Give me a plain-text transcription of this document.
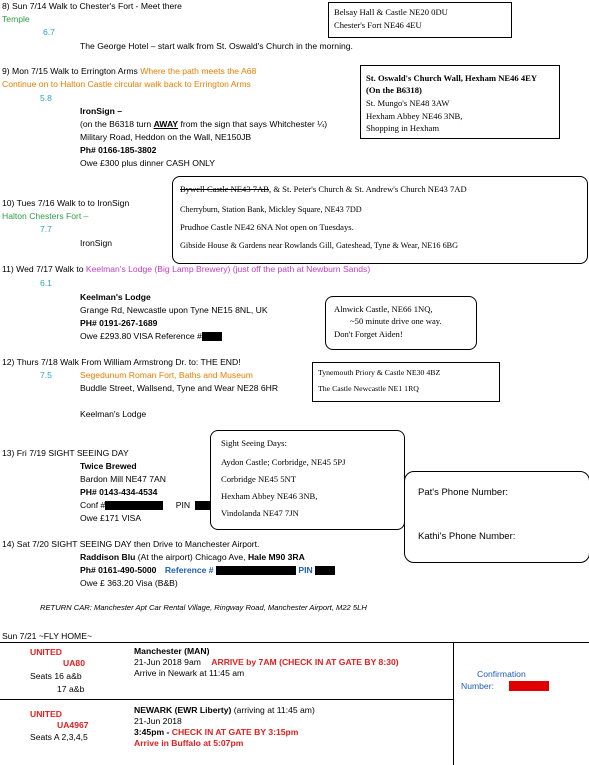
8) Sun 7/14 Walk to Chester's Fort - Meet there
Temple
6.7
The George Hotel – start walk from St. Oswald's Church in the morning.
Belsay Hall & Castle NE20 0DU
Chester's Fort NE46 4EU
9) Mon 7/15 Walk to Errington Arms Where the path meets the A68
Continue on to Halton Castle circular walk back to Errington Arms
5.8
IronSign –
(on the B6318 turn AWAY from the sign that says Whitchester ¼)
Military Road, Heddon on the Wall, NE150JB
Ph# 0166-185-3802
Owe £300 plus dinner CASH ONLY
St. Oswald's Church Wall, Hexham NE46 4EY
(On the B6318)
St. Mungo's NE48 3AW
Hexham Abbey NE46 3NB,
Shopping in Hexham
10) Tues 7/16 Walk to to IronSign
Halton Chesters Fort –
7.7
IronSign
Bywell Castle NE43 7AB, & St. Peter's Church & St. Andrew's Church NE43 7AD
Cherryburn, Station Bank, Mickley Square, NE43 7DD
Prudhoe Castle NE42 6NA Not open on Tuesdays.
Gibside House & Gardens near Rowlands Gill, Gateshead, Tyne & Wear, NE16 6BG
11) Wed 7/17 Walk to Keelman's Lodge (Big Lamp Brewery) (just off the path at Newburn Sands)
6.1
Keelman's Lodge
Grange Rd, Newcastle upon Tyne NE15 8NL, UK
PH# 0191-267-1689
Owe £293.80 VISA Reference #
Alnwick Castle, NE66 1NQ,
~50 minute drive one way.
Don't Forget Aiden!
12) Thurs 7/18 Walk From William Armstrong Dr. to: THE END!
Segedunum Roman Fort, Baths and Museum
7.5
Buddle Street, Wallsend, Tyne and Wear NE28 6HR
Keelman's Lodge
Tynemouth Priory & Castle NE30 4BZ
The Castle Newcastle NE1 1RQ
13) Fri 7/19 SIGHT SEEING DAY
Twice Brewed
Bardon Mill NE47 7AN
PH# 0143-434-4534
Conf #	PIN
Owe £171 VISA
Sight Seeing Days:
Aydon Castle; Corbridge, NE45 5PJ
Corbridge NE45 5NT
Hexham Abbey NE46 3NB,
Vindolanda NE47 7JN
Pat's Phone Number:
Kathi's Phone Number:
14) Sat 7/20 SIGHT SEEING DAY then Drive to Manchester Airport.
Raddison Blu (At the airport) Chicago Ave, Hale M90 3RA
Ph# 0161-490-5000 Reference #	PIN
Owe £ 363.20 Visa (B&B)
RETURN CAR: Manchester Apt Car Rental Village, Ringway Road, Manchester Airport, M22 5LH
Sun 7/21 ~FLY HOME~
UNITED
UA80
Seats 16 a&b
17 a&b
Manchester (MAN)
21-Jun 2018 9am ARRIVE by 7AM (CHECK IN AT GATE BY 8:30)
Arrive in Newark at 11:45 am
UNITED
UA4967
Seats A 2,3,4,5
NEWARK (EWR Liberty) (arriving at 11:45 am)
21-Jun 2018
3:45pm - CHECK IN AT GATE BY 3:15pm
Arrive in Buffalo at 5:07pm
Confirmation
Number:
